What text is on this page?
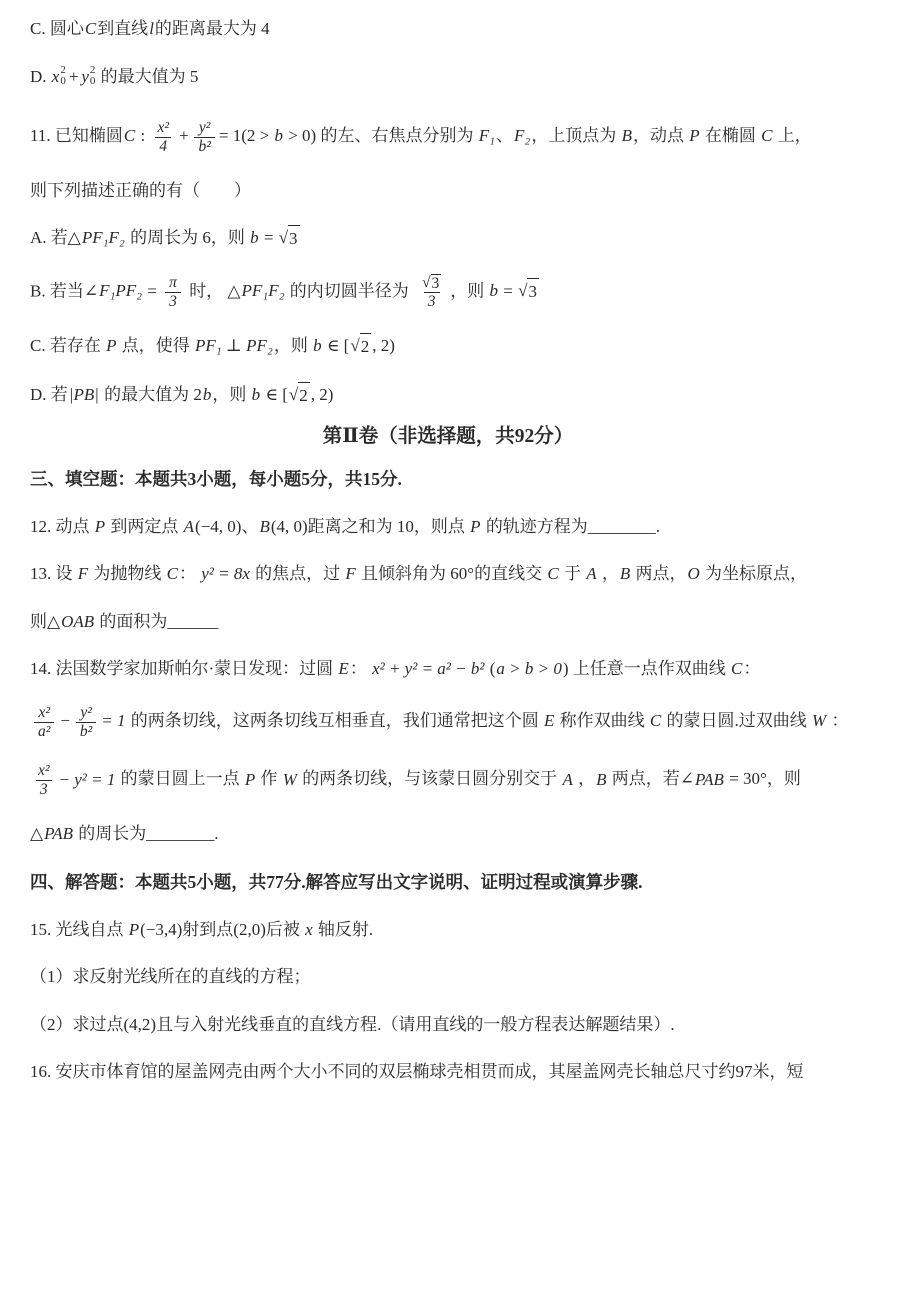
C. 圆心C到直线l的距离最大为 4
D. x 2
0 + y 2
0 的最大值为 5
11. 已知椭圆C : $\frac{\text{x²}}{4} + \frac{\text{y²}}{\text{b²}} = 1(2 > b > 0)$ 的左、右焦点分别为 F₁、F₂，上顶点为 B，动点 P 在椭圆 C 上，
则下列描述正确的有（　　）
A. 若△PF₁F₂ 的周长为 6，则 b = √ 3
B. 若当∠F₁PF₂ = $\frac{\pi}{3}$ 时， △PF₁F₂ 的内切圆半径为 $\frac{√ 3}{3}$ ，则 b = √ 3
C. 若存在 P 点，使得 PF₁ ⊥ PF₂，则 b ∈ [ √ 2 , 2)
D. 若|PB| 的最大值为 2b，则 b ∈ [ √ 2 , 2)
第Ⅱ卷（非选择题，共92分）
三、填空题：本题共3小题，每小题5分，共15分.
12. 动点 P 到两定点 A(−4, 0)、B(4, 0)距离之和为 10，则点 P 的轨迹方程为________.
13. 设 F 为抛物线 C： y² = 8x 的焦点，过 F 且倾斜角为 60°的直线交 C 于 A ，B 两点，O 为坐标原点，
则△OAB 的面积为______
14. 法国数学家加斯帕尔·蒙日发现：过圆 E： x² + y² = a² − b² (a > b > 0) 上任意一点作双曲线 C：
$\frac{\text{x²}}{\text{a²}} - \frac{\text{y²}}{\text{b²}} = 1$ 的两条切线，这两条切线互相垂直，我们通常把这个圆 E 称作双曲线 C 的蒙日圆.过双曲线 W ：
$\frac{\text{x²}}{3} - y^2 = 1$ 的蒙日圆上一点 P 作 W 的两条切线，与该蒙日圆分别交于 A ，B 两点，若∠PAB = 30°，则
△PAB 的周长为________.
四、解答题：本题共5小题，共77分.解答应写出文字说明、证明过程或演算步骤.
15. 光线自点 P(−3,4)射到点(2,0)后被 x 轴反射.
（1）求反射光线所在的直线的方程；
（2）求过点(4,2)且与入射光线垂直的直线方程.（请用直线的一般方程表达解题结果）.
16. 安庆市体育馆的屋盖网壳由两个大小不同的双层椭球壳相贯而成，其屋盖网壳长轴总尺寸约97米，短
